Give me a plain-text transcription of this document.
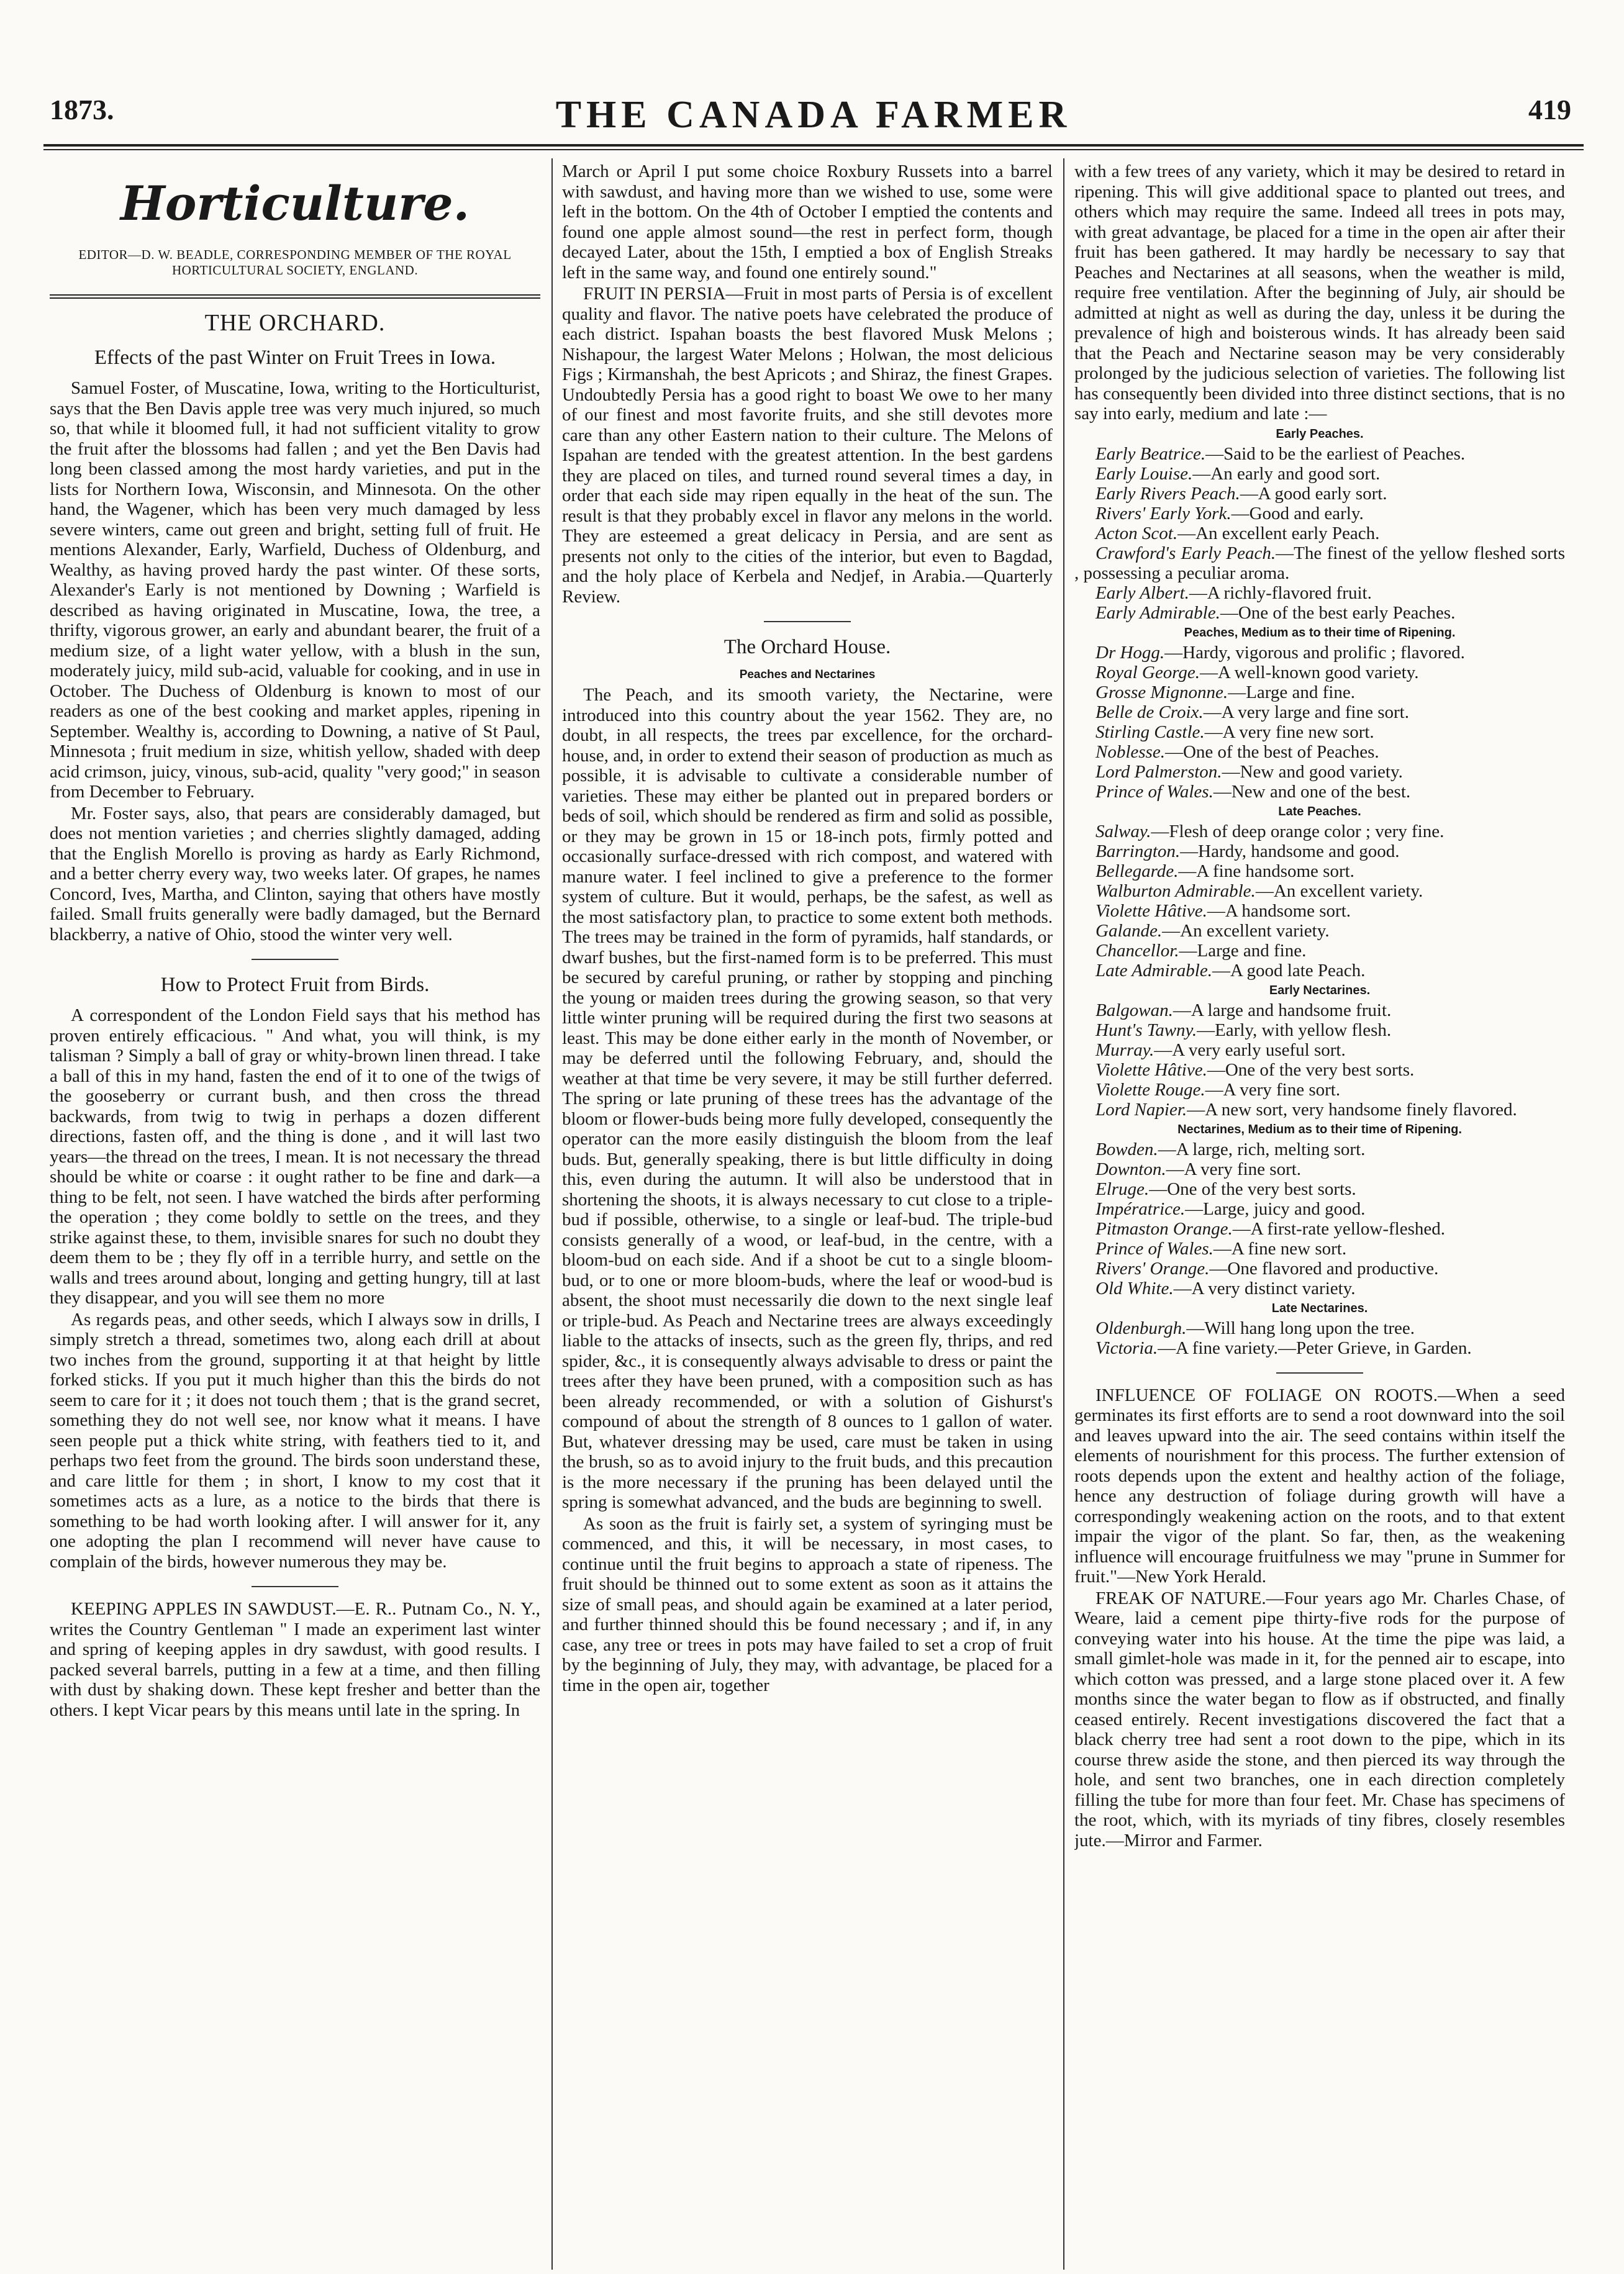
1873.	THE CANADA FARMER	419
Horticulture.
EDITOR—D. W. BEADLE, CORRESPONDING MEMBER OF THE ROYAL HORTICULTURAL SOCIETY, ENGLAND.
THE ORCHARD.
Effects of the past Winter on Fruit Trees in Iowa.

Samuel Foster, of Muscatine, Iowa, writing to the Horticulturist, says that the Ben Davis apple tree was very much injured, so much so, that while it bloomed full, it had not sufficient vitality to grow the fruit after the blossoms had fallen ; and yet the Ben Davis had long been classed among the most hardy varieties, and put in the lists for Northern Iowa, Wisconsin, and Minnesota. On the other hand, the Wagener, which has been very much damaged by less severe winters, came out green and bright, setting full of fruit. He mentions Alexander, Early, Warfield, Duchess of Oldenburg, and Wealthy, as having proved hardy the past winter. Of these sorts, Alexander's Early is not mentioned by Downing ; Warfield is described as having originated in Muscatine, Iowa, the tree, a thrifty, vigorous grower, an early and abundant bearer, the fruit of a medium size, of a light water yellow, with a blush in the sun, moderately juicy, mild sub-acid, valuable for cooking, and in use in October. The Duchess of Oldenburg is known to most of our readers as one of the best cooking and market apples, ripening in September. Wealthy is, according to Downing, a native of St Paul, Minnesota ; fruit medium in size, whitish yellow, shaded with deep acid crimson, juicy, vinous, sub-acid, quality "very good;" in season from December to February.

Mr. Foster says, also, that pears are considerably damaged, but does not mention varieties ; and cherries slightly damaged, adding that the English Morello is proving as hardy as Early Richmond, and a better cherry every way, two weeks later. Of grapes, he names Concord, Ives, Martha, and Clinton, saying that others have mostly failed. Small fruits generally were badly damaged, but the Bernard blackberry, a native of Ohio, stood the winter very well.

How to Protect Fruit from Birds.

A correspondent of the London Field says that his method has proven entirely efficacious. " And what, you will think, is my talisman ? Simply a ball of gray or whity-brown linen thread. I take a ball of this in my hand, fasten the end of it to one of the twigs of the gooseberry or currant bush, and then cross the thread backwards, from twig to twig in perhaps a dozen different directions, fasten off, and the thing is done , and it will last two years—the thread on the trees, I mean. It is not necessary the thread should be white or coarse : it ought rather to be fine and dark—a thing to be felt, not seen. I have watched the birds after performing the operation ; they come boldly to settle on the trees, and they strike against these, to them, invisible snares for such no doubt they deem them to be ; they fly off in a terrible hurry, and settle on the walls and trees around about, longing and getting hungry, till at last they disappear, and you will see them no more

As regards peas, and other seeds, which I always sow in drills, I simply stretch a thread, sometimes two, along each drill at about two inches from the ground, supporting it at that height by little forked sticks. If you put it much higher than this the birds do not seem to care for it ; it does not touch them ; that is the grand secret, something they do not well see, nor know what it means. I have seen people put a thick white string, with feathers tied to it, and perhaps two feet from the ground. The birds soon understand these, and care little for them ; in short, I know to my cost that it sometimes acts as a lure, as a notice to the birds that there is something to be had worth looking after. I will answer for it, any one adopting the plan I recommend will never have cause to complain of the birds, however numerous they may be.

KEEPING APPLES IN SAWDUST.—E. R.. Putnam Co., N. Y., writes the Country Gentleman " I made an experiment last winter and spring of keeping apples in dry sawdust, with good results. I packed several barrels, putting in a few at a time, and then filling with dust by shaking down. These kept fresher and better than the others. I kept Vicar pears by this means until late in the spring. In

March or April I put some choice Roxbury Russets into a barrel with sawdust, and having more than we wished to use, some were left in the bottom. On the 4th of October I emptied the contents and found one apple almost sound—the rest in perfect form, though decayed Later, about the 15th, I emptied a box of English Streaks left in the same way, and found one entirely sound."

FRUIT IN PERSIA—Fruit in most parts of Persia is of excellent quality and flavor. The native poets have celebrated the produce of each district. Ispahan boasts the best flavored Musk Melons ; Nishapour, the largest Water Melons ; Holwan, the most delicious Figs ; Kirmanshah, the best Apricots ; and Shiraz, the finest Grapes. Undoubtedly Persia has a good right to boast We owe to her many of our finest and most favorite fruits, and she still devotes more care than any other Eastern nation to their culture. The Melons of Ispahan are tended with the greatest attention. In the best gardens they are placed on tiles, and turned round several times a day, in order that each side may ripen equally in the heat of the sun. The result is that they probably excel in flavor any melons in the world. They are esteemed a great delicacy in Persia, and are sent as presents not only to the cities of the interior, but even to Bagdad, and the holy place of Kerbela and Nedjef, in Arabia.—Quarterly Review.

The Orchard House.
Peaches and Nectarines

The Peach, and its smooth variety, the Nectarine, were introduced into this country about the year 1562. They are, no doubt, in all respects, the trees par excellence, for the orchard-house, and, in order to extend their season of production as much as possible, it is advisable to cultivate a considerable number of varieties. These may either be planted out in prepared borders or beds of soil, which should be rendered as firm and solid as possible, or they may be grown in 15 or 18-inch pots, firmly potted and occasionally surface-dressed with rich compost, and watered with manure water. I feel inclined to give a preference to the former system of culture. But it would, perhaps, be the safest, as well as the most satisfactory plan, to practice to some extent both methods. The trees may be trained in the form of pyramids, half standards, or dwarf bushes, but the first-named form is to be preferred. This must be secured by careful pruning, or rather by stopping and pinching the young or maiden trees during the growing season, so that very little winter pruning will be required during the first two seasons at least. This may be done either early in the month of November, or may be deferred until the following February, and, should the weather at that time be very severe, it may be still further deferred. The spring or late pruning of these trees has the advantage of the bloom or flower-buds being more fully developed, consequently the operator can the more easily distinguish the bloom from the leaf buds. But, generally speaking, there is but little difficulty in doing this, even during the autumn. It will also be understood that in shortening the shoots, it is always necessary to cut close to a triple-bud if possible, otherwise, to a single or leaf-bud. The triple-bud consists generally of a wood, or leaf-bud, in the centre, with a bloom-bud on each side. And if a shoot be cut to a single bloom-bud, or to one or more bloom-buds, where the leaf or wood-bud is absent, the shoot must necessarily die down to the next single leaf or triple-bud. As Peach and Nectarine trees are always exceedingly liable to the attacks of insects, such as the green fly, thrips, and red spider, &c., it is consequently always advisable to dress or paint the trees after they have been pruned, with a composition such as has been already recommended, or with a solution of Gishurst's compound of about the strength of 8 ounces to 1 gallon of water. But, whatever dressing may be used, care must be taken in using the brush, so as to avoid injury to the fruit buds, and this precaution is the more necessary if the pruning has been delayed until the spring is somewhat advanced, and the buds are beginning to swell.

As soon as the fruit is fairly set, a system of syringing must be commenced, and this, it will be necessary, in most cases, to continue until the fruit begins to approach a state of ripeness. The fruit should be thinned out to some extent as soon as it attains the size of small peas, and should again be examined at a later period, and further thinned should this be found necessary ; and if, in any case, any tree or trees in pots may have failed to set a crop of fruit by the beginning of July, they may, with advantage, be placed for a time in the open air, together

with a few trees of any variety, which it may be desired to retard in ripening. This will give additional space to planted out trees, and others which may require the same. Indeed all trees in pots may, with great advantage, be placed for a time in the open air after their fruit has been gathered. It may hardly be necessary to say that Peaches and Nectarines at all seasons, when the weather is mild, require free ventilation. After the beginning of July, air should be admitted at night as well as during the day, unless it be during the prevalence of high and boisterous winds. It has already been said that the Peach and Nectarine season may be very considerably prolonged by the judicious selection of varieties. The following list has consequently been divided into three distinct sections, that is no say into early, medium and late :—

Early Peaches.

Early Beatrice.—Said to be the earliest of Peaches.

Early Louise.—An early and good sort.

Early Rivers Peach.—A good early sort.

Rivers' Early York.—Good and early.

Acton Scot.—An excellent early Peach.

Crawford's Early Peach.—The finest of the yellow fleshed sorts , possessing a peculiar aroma.

Early Albert.—A richly-flavored fruit.

Early Admirable.—One of the best early Peaches.

Peaches, Medium as to their time of Ripening.

Dr Hogg.—Hardy, vigorous and prolific ; flavored.

Royal George.—A well-known good variety.

Grosse Mignonne.—Large and fine.

Belle de Croix.—A very large and fine sort.

Stirling Castle.—A very fine new sort.

Noblesse.—One of the best of Peaches.

Lord Palmerston.—New and good variety.

Prince of Wales.—New and one of the best.

Late Peaches.

Salway.—Flesh of deep orange color ; very fine.

Barrington.—Hardy, handsome and good.

Bellegarde.—A fine handsome sort.

Walburton Admirable.—An excellent variety.

Violette Hâtive.—A handsome sort.

Galande.—An excellent variety.

Chancellor.—Large and fine.

Late Admirable.—A good late Peach.

Early Nectarines.

Balgowan.—A large and handsome fruit.

Hunt's Tawny.—Early, with yellow flesh.

Murray.—A very early useful sort.

Violette Hâtive.—One of the very best sorts.

Violette Rouge.—A very fine sort.

Lord Napier.—A new sort, very handsome finely flavored.

Nectarines, Medium as to their time of Ripening.

Bowden.—A large, rich, melting sort.

Downton.—A very fine sort.

Elruge.—One of the very best sorts.

Impératrice.—Large, juicy and good.

Pitmaston Orange.—A first-rate yellow-fleshed.

Prince of Wales.—A fine new sort.

Rivers' Orange.—One flavored and productive.

Old White.—A very distinct variety.

Late Nectarines.

Oldenburgh.—Will hang long upon the tree.

Victoria.—A fine variety.—Peter Grieve, in Garden.

INFLUENCE OF FOLIAGE ON ROOTS.—When a seed germinates its first efforts are to send a root downward into the soil and leaves upward into the air. The seed contains within itself the elements of nourishment for this process. The further extension of roots depends upon the extent and healthy action of the foliage, hence any destruction of foliage during growth will have a correspondingly weakening action on the roots, and to that extent impair the vigor of the plant. So far, then, as the weakening influence will encourage fruitfulness we may "prune in Summer for fruit."—New York Herald.

FREAK OF NATURE.—Four years ago Mr. Charles Chase, of Weare, laid a cement pipe thirty-five rods for the purpose of conveying water into his house. At the time the pipe was laid, a small gimlet-hole was made in it, for the penned air to escape, into which cotton was pressed, and a large stone placed over it. A few months since the water began to flow as if obstructed, and finally ceased entirely. Recent investigations discovered the fact that a black cherry tree had sent a root down to the pipe, which in its course threw aside the stone, and then pierced its way through the hole, and sent two branches, one in each direction completely filling the tube for more than four feet. Mr. Chase has specimens of the root, which, with its myriads of tiny fibres, closely resembles jute.—Mirror and Farmer.
